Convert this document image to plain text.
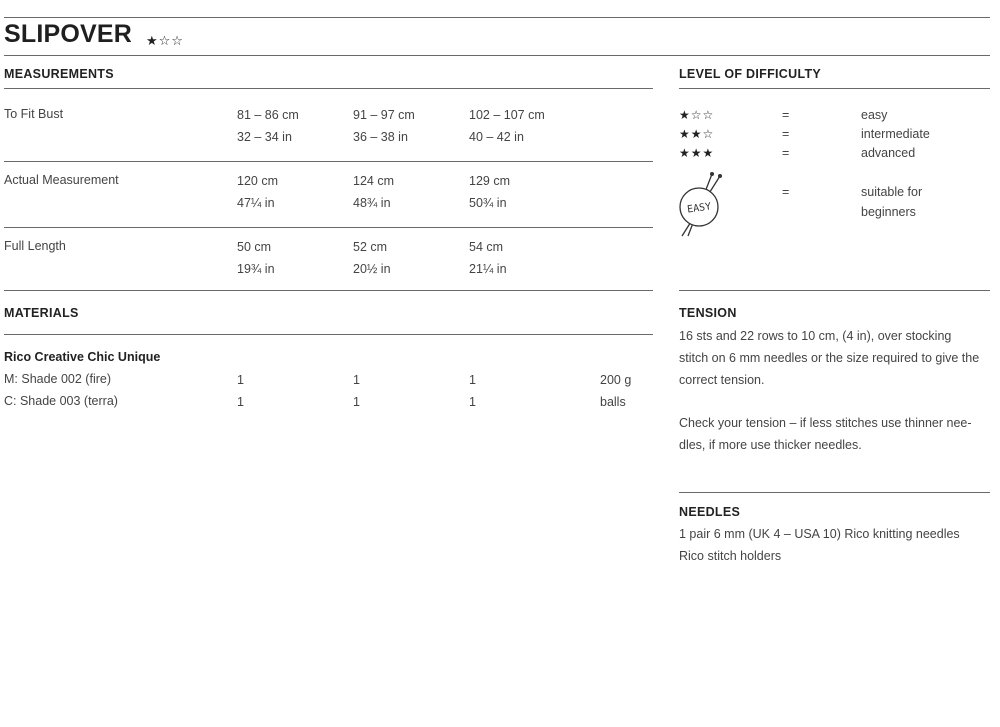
SLIPOVER ★☆☆
MEASUREMENTS
To Fit Bust	81 – 86 cm	91 – 97 cm	102 – 107 cm
32 – 34 in	36 – 38 in	40 – 42 in
Actual Measurement	120 cm	124 cm	129 cm
47¼ in	48¾ in	50¾ in
Full Length	50 cm	52 cm	54 cm
19¾ in	20½ in	21¼ in
MATERIALS
Rico Creative Chic Unique
M: Shade 002 (fire)	1	1	1	200 g
C: Shade 003 (terra)	1	1	1	balls
LEVEL OF DIFFICULTY
★☆☆	=	easy
★★☆	=	intermediate
★★★	=	advanced
EASY
=	suitable for
beginners
TENSION
16 sts and 22 rows to 10 cm, (4 in), over stocking
stitch on 6 mm needles or the size required to give the
correct tension.
Check your tension – if less stitches use thinner nee-
dles, if more use thicker needles.
NEEDLES
1 pair 6 mm (UK 4 – USA 10) Rico knitting needles
Rico stitch holders
